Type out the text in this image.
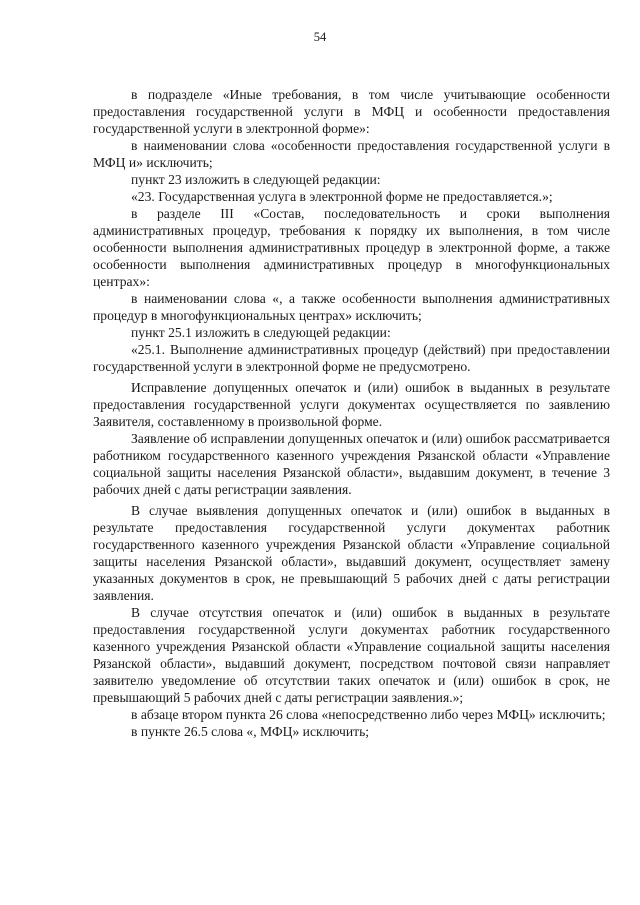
54

в подразделе «Иные требования, в том числе учитывающие особенности предоставления государственной услуги в МФЦ и особенности предоставления государственной услуги в электронной форме»:

в наименовании слова «особенности предоставления государственной услуги в МФЦ и» исключить;

пункт 23 изложить в следующей редакции:

«23. Государственная услуга в электронной форме не предоставляется.»;

в разделе III «Состав, последовательность и сроки выполнения административных процедур, требования к порядку их выполнения, в том числе особенности выполнения административных процедур в электронной форме, а также особенности выполнения административных процедур в многофункциональных центрах»:

в наименовании слова «, а также особенности выполнения административных процедур в многофункциональных центрах» исключить;

пункт 25.1 изложить в следующей редакции:

«25.1. Выполнение административных процедур (действий) при предоставлении государственной услуги в электронной форме не предусмотрено.

Исправление допущенных опечаток и (или) ошибок в выданных в результате предоставления государственной услуги документах осуществляется по заявлению Заявителя, составленному в произвольной форме.

Заявление об исправлении допущенных опечаток и (или) ошибок рассматривается работником государственного казенного учреждения Рязанской области «Управление социальной защиты населения Рязанской области», выдавшим документ, в течение 3 рабочих дней с даты регистрации заявления.

В случае выявления допущенных опечаток и (или) ошибок в выданных в результате предоставления государственной услуги документах работник государственного казенного учреждения Рязанской области «Управление социальной защиты населения Рязанской области», выдавший документ, осуществляет замену указанных документов в срок, не превышающий 5 рабочих дней с даты регистрации заявления.

В случае отсутствия опечаток и (или) ошибок в выданных в результате предоставления государственной услуги документах работник государственного казенного учреждения Рязанской области «Управление социальной защиты населения Рязанской области», выдавший документ, посредством почтовой связи направляет заявителю уведомление об отсутствии таких опечаток и (или) ошибок в срок, не превышающий 5 рабочих дней с даты регистрации заявления.»;

в абзаце втором пункта 26 слова «непосредственно либо через МФЦ» исключить;

в пункте 26.5 слова «, МФЦ» исключить;
